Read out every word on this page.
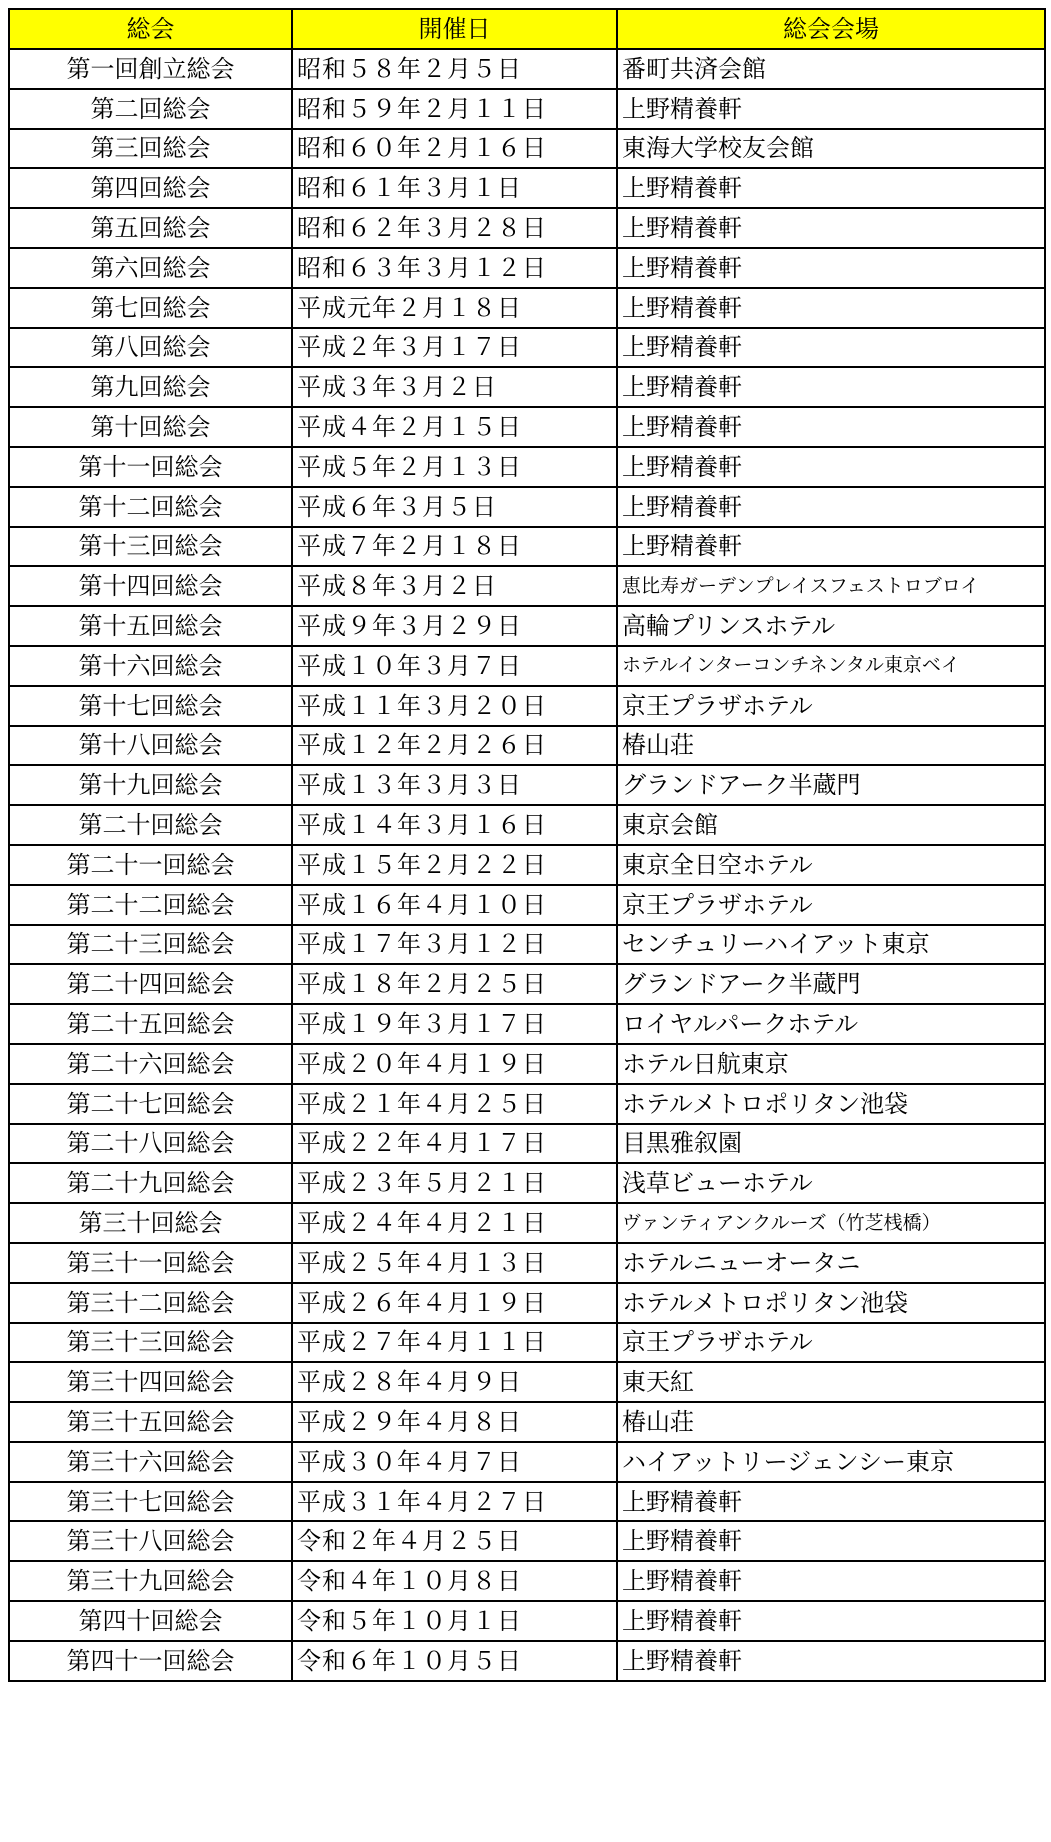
総会	開催日	総会会場
第一回創立総会	昭和５８年２月５日	番町共済会館
第二回総会	昭和５９年２月１１日	上野精養軒
第三回総会	昭和６０年２月１６日	東海大学校友会館
第四回総会	昭和６１年３月１日	上野精養軒
第五回総会	昭和６２年３月２８日	上野精養軒
第六回総会	昭和６３年３月１２日	上野精養軒
第七回総会	平成元年２月１８日	上野精養軒
第八回総会	平成２年３月１７日	上野精養軒
第九回総会	平成３年３月２日	上野精養軒
第十回総会	平成４年２月１５日	上野精養軒
第十一回総会	平成５年２月１３日	上野精養軒
第十二回総会	平成６年３月５日	上野精養軒
第十三回総会	平成７年２月１８日	上野精養軒
第十四回総会	平成８年３月２日	恵比寿ガーデンプレイスフェストロブロイ
第十五回総会	平成９年３月２９日	高輪プリンスホテル
第十六回総会	平成１０年３月７日	ホテルインターコンチネンタル東京ベイ
第十七回総会	平成１１年３月２０日	京王プラザホテル
第十八回総会	平成１２年２月２６日	椿山荘
第十九回総会	平成１３年３月３日	グランドアーク半蔵門
第二十回総会	平成１４年３月１６日	東京会館
第二十一回総会	平成１５年２月２２日	東京全日空ホテル
第二十二回総会	平成１６年４月１０日	京王プラザホテル
第二十三回総会	平成１７年３月１２日	センチュリーハイアット東京
第二十四回総会	平成１８年２月２５日	グランドアーク半蔵門
第二十五回総会	平成１９年３月１７日	ロイヤルパークホテル
第二十六回総会	平成２０年４月１９日	ホテル日航東京
第二十七回総会	平成２１年４月２５日	ホテルメトロポリタン池袋
第二十八回総会	平成２２年４月１７日	目黒雅叙園
第二十九回総会	平成２３年５月２１日	浅草ビューホテル
第三十回総会	平成２４年４月２１日	ヴァンティアンクルーズ（竹芝桟橋）
第三十一回総会	平成２５年４月１３日	ホテルニューオータニ
第三十二回総会	平成２６年４月１９日	ホテルメトロポリタン池袋
第三十三回総会	平成２７年４月１１日	京王プラザホテル
第三十四回総会	平成２８年４月９日	東天紅
第三十五回総会	平成２９年４月８日	椿山荘
第三十六回総会	平成３０年４月７日	ハイアットリージェンシー東京
第三十七回総会	平成３１年４月２７日	上野精養軒
第三十八回総会	令和２年４月２５日	上野精養軒
第三十九回総会	令和４年１０月８日	上野精養軒
第四十回総会	令和５年１０月１日	上野精養軒
第四十一回総会	令和６年１０月５日	上野精養軒
